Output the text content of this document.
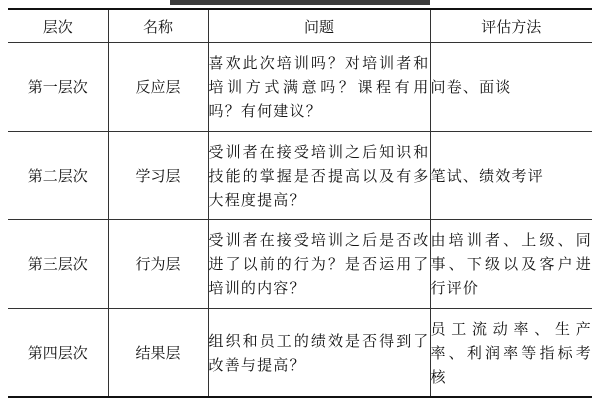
层次	名称	问题	评估方法
第一层次	反应层	喜欢此次培训吗？对培训者和培训方式满意吗？课程有用吗？有何建议？	问卷、面谈
第二层次	学习层	受训者在接受培训之后知识和技能的掌握是否提高以及有多大程度提高？	笔试、绩效考评
第三层次	行为层	受训者在接受培训之后是否改进了以前的行为？是否运用了培训的内容？	由培训者、上级、同事、下级以及客户进行评价
第四层次	结果层	组织和员工的绩效是否得到了改善与提高？	员工流动率、生产率、利润率等指标考核
